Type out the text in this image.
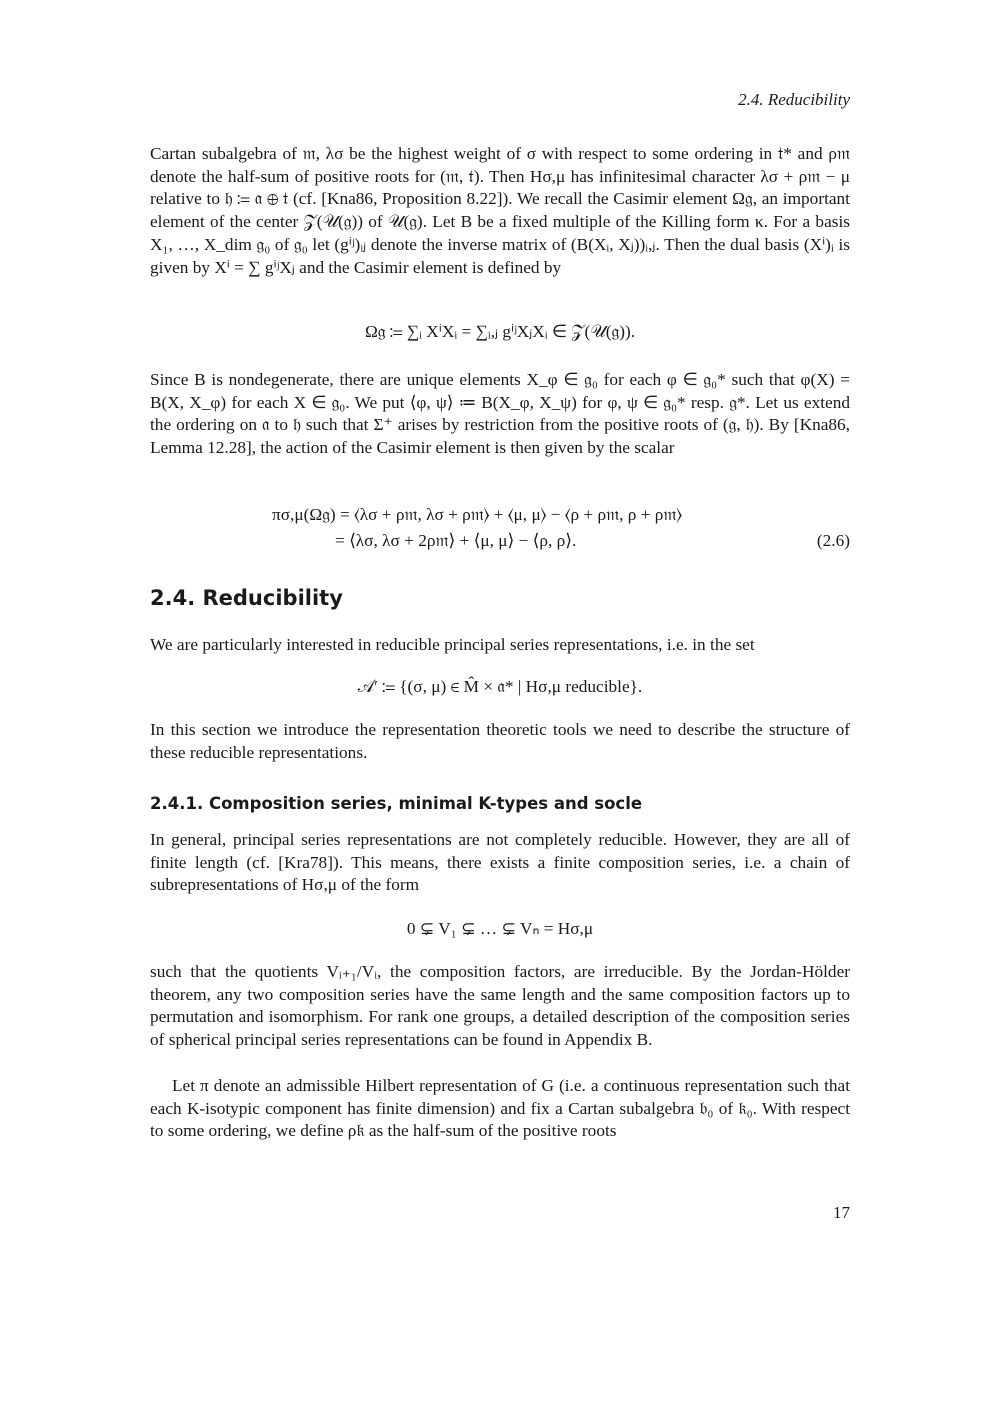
2.4. Reducibility

Cartan subalgebra of 𝔪, λσ be the highest weight of σ with respect to some ordering in 𝔱* and ρ𝔪 denote the half-sum of positive roots for (𝔪, 𝔱). Then Hσ,μ has infinitesimal character λσ + ρ𝔪 − μ relative to 𝔥 ≔ 𝔞 ⊕ 𝔱 (cf. [Kna86, Proposition 8.22]). We recall the Casimir element Ω𝔤, an important element of the center 𝒵(𝒰(𝔤)) of 𝒰(𝔤). Let B be a fixed multiple of the Killing form κ. For a basis X₁, …, X_dim 𝔤₀ of 𝔤₀ let (gⁱʲ)ᵢⱼ denote the inverse matrix of (B(Xᵢ, Xⱼ))ᵢ,ⱼ. Then the dual basis (Xⁱ)ᵢ is given by Xⁱ = ∑ gⁱʲXⱼ and the Casimir element is defined by

Ω𝔤 ≔ ∑ᵢ XⁱXᵢ = ∑ᵢ,ⱼ gⁱʲXⱼXᵢ ∈ 𝒵(𝒰(𝔤)).

Since B is nondegenerate, there are unique elements X_φ ∈ 𝔤₀ for each φ ∈ 𝔤₀* such that φ(X) = B(X, X_φ) for each X ∈ 𝔤₀. We put ⟨φ, ψ⟩ ≔ B(X_φ, X_ψ) for φ, ψ ∈ 𝔤₀* resp. 𝔤*. Let us extend the ordering on 𝔞 to 𝔥 such that Σ⁺ arises by restriction from the positive roots of (𝔤, 𝔥). By [Kna86, Lemma 12.28], the action of the Casimir element is then given by the scalar

πσ,μ(Ω𝔤) = ⟨λσ + ρ𝔪, λσ + ρ𝔪⟩ + ⟨μ, μ⟩ − ⟨ρ + ρ𝔪, ρ + ρ𝔪⟩
= ⟨λσ, λσ + 2ρ𝔪⟩ + ⟨μ, μ⟩ − ⟨ρ, ρ⟩.	(2.6)
2.4. Reducibility

We are particularly interested in reducible principal series representations, i.e. in the set

𝒜′ ≔ {(σ, μ) ∈ M̂ × 𝔞* | Hσ,μ reducible}.

In this section we introduce the representation theoretic tools we need to describe the structure of these reducible representations.

2.4.1. Composition series, minimal K-types and socle

In general, principal series representations are not completely reducible. However, they are all of finite length (cf. [Kra78]). This means, there exists a finite composition series, i.e. a chain of subrepresentations of Hσ,μ of the form

0 ⊊ V₁ ⊊ … ⊊ Vₙ = Hσ,μ

such that the quotients Vᵢ₊₁/Vᵢ, the composition factors, are irreducible. By the Jordan-Hölder theorem, any two composition series have the same length and the same composition factors up to permutation and isomorphism. For rank one groups, a detailed description of the composition series of spherical principal series representations can be found in Appendix B.

Let π denote an admissible Hilbert representation of G (i.e. a continuous representation such that each K-isotypic component has finite dimension) and fix a Cartan subalgebra 𝔟₀ of 𝔨₀. With respect to some ordering, we define ρ𝔨 as the half-sum of the positive roots

17
